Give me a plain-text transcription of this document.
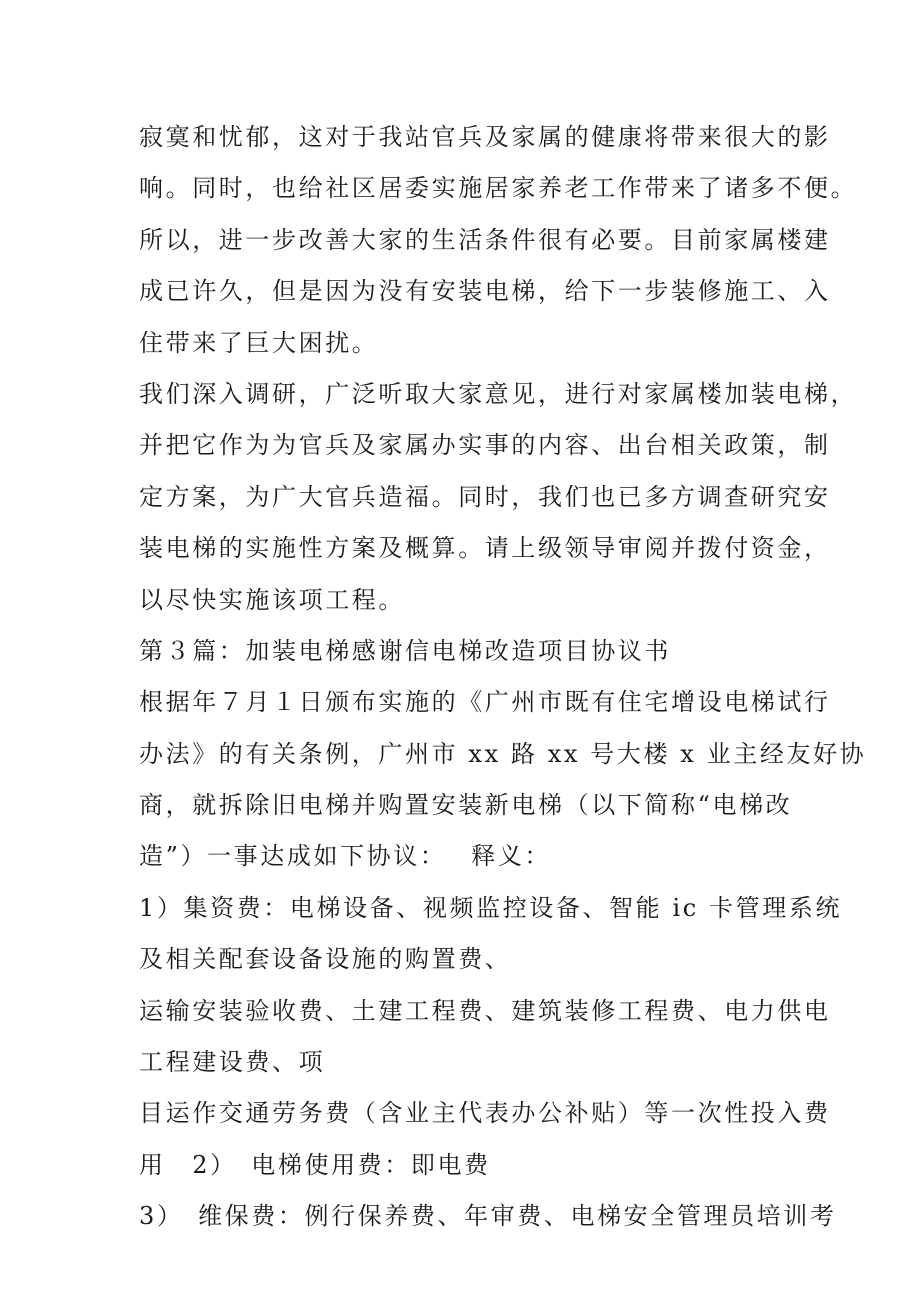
寂寞和忧郁，这对于我站官兵及家属的健康将带来很大的影
响。同时，也给社区居委实施居家养老工作带来了诸多不便。
所以，进一步改善大家的生活条件很有必要。目前家属楼建
成已许久，但是因为没有安装电梯，给下一步装修施工、入
住带来了巨大困扰。
我们深入调研，广泛听取大家意见，进行对家属楼加装电梯，
并把它作为为官兵及家属办实事的内容、出台相关政策，制
定方案，为广大官兵造福。同时，我们也已多方调查研究安
装电梯的实施性方案及概算。请上级领导审阅并拨付资金，
以尽快实施该项工程。
第３篇：加装电梯感谢信电梯改造项目协议书
根据年７月１日颁布实施的《广州市既有住宅增设电梯试行
办法》的有关条例，广州市 xx 路 xx 号大楼 x 业主经友好协
商，就拆除旧电梯并购置安装新电梯（以下简称“电梯改
造”）一事达成如下协议：　 释义：
1）集资费：电梯设备、视频监控设备、智能 ic 卡管理系统
及相关配套设备设施的购置费、
运输安装验收费、土建工程费、建筑装修工程费、电力供电
工程建设费、项
目运作交通劳务费（含业主代表办公补贴）等一次性投入费
用　2）　电梯使用费：即电费
3）　维保费：例行保养费、年审费、电梯安全管理员培训考
